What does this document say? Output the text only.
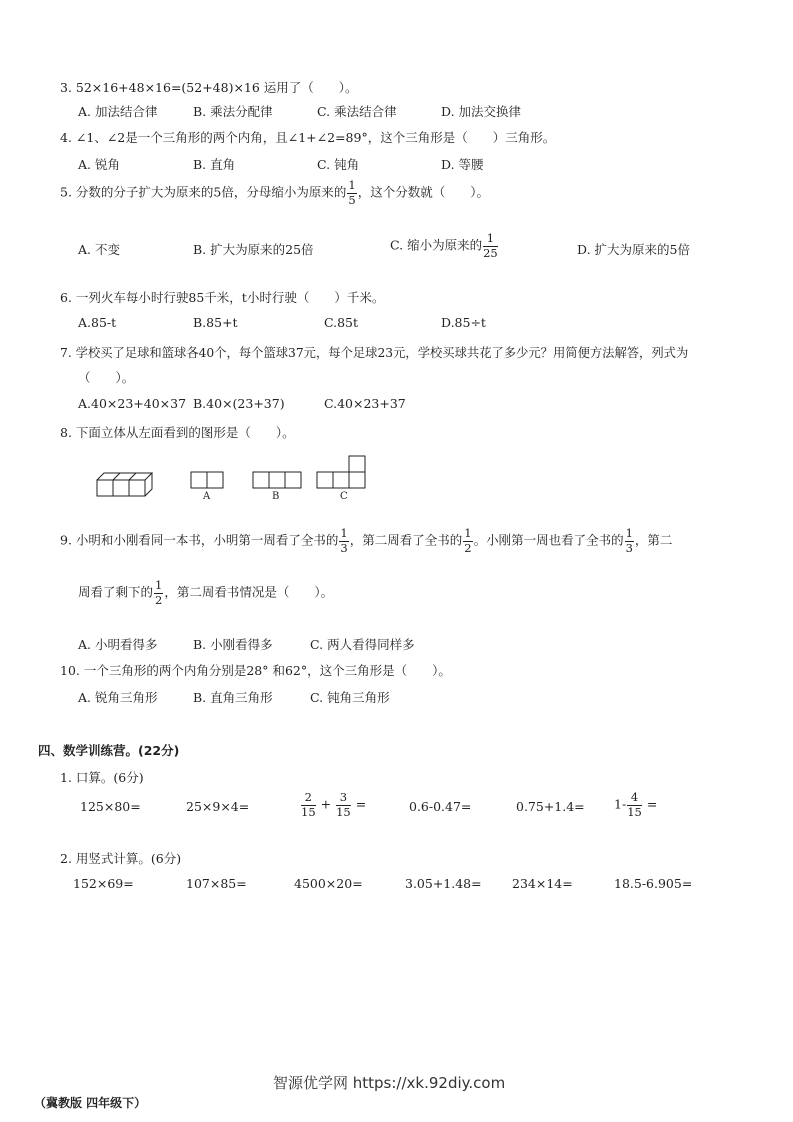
3. 52×16+48×16=(52+48)×16 运用了（　　）。
A. 加法结合律	B. 乘法分配律	C. 乘法结合律	D. 加法交换律
4. ∠1、∠2是一个三角形的两个内角，且∠1+∠2=89°，这个三角形是（　　）三角形。
A. 锐角	B. 直角	C. 钝角	D. 等腰
5. 分数的分子扩大为原来的5倍，分母缩小为原来的 $\frac{1}{5}$ ，这个分数就（　　）。
A. 不变	B. 扩大为原来的25倍	C. 缩小为原来的 $\frac{1}{25}$	D. 扩大为原来的5倍
6. 一列火车每小时行驶85千米，t小时行驶（　　）千米。
A.85-t	B.85+t	C.85t	D.85÷t
7. 学校买了足球和篮球各40个，每个篮球37元，每个足球23元，学校买球共花了多少元？用简便方法解答，列式为
（　　）。
A.40×23+40×37 B.40×(23+37)	C.40×23+37
8. 下面立体从左面看到的图形是（　　）。
A	B	C
9. 小明和小刚看同一本书，小明第一周看了全书的 $\frac{1}{3}$ ，第二周看了全书的 $\frac{1}{2}$ 。小刚第一周也看了全书的 $\frac{1}{3}$ ，第二
周看了剩下的 $\frac{1}{2}$ ，第二周看书情况是（　　）。
A. 小明看得多	B. 小刚看得多	C. 两人看得同样多
10. 一个三角形的两个内角分别是28° 和62°，这个三角形是（　　）。
A. 锐角三角形	B. 直角三角形	C. 钝角三角形
四、数学训练营。(22分)
1. 口算。(6分)
125×80=	25×9×4=	$\frac{2}{15} + \frac{3}{15}$ =	0.6-0.47=	$0.75+1.4= 1- \frac{4}{15}$ =
2. 用竖式计算。(6分)
152×69=	107×85=	4500×20=	3.05+1.48= 234×14=	18.5-6.905=
智源优学网 https://xk.92diy.com
（冀教版 四年级下）
